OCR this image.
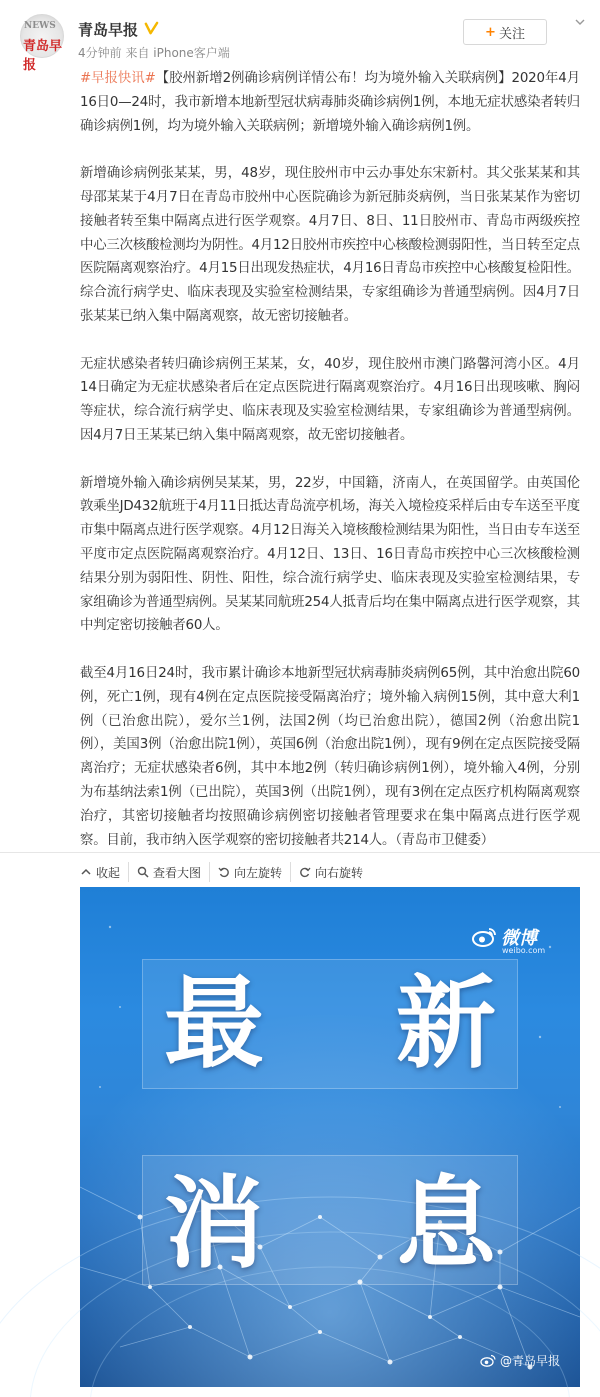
NEWS
青岛早报
青岛早报
4分钟前 来自 iPhone客户端
+ 关注

#早报快讯#【胶州新增2例确诊病例详情公布！均为境外输入关联病例】2020年4月16日0—24时，我市新增本地新型冠状病毒肺炎确诊病例1例，本地无症状感染者转归确诊病例1例，均为境外输入关联病例；新增境外输入确诊病例1例。

新增确诊病例张某某，男，48岁，现住胶州市中云办事处东宋新村。其父张某某和其母邵某某于4月7日在青岛市胶州中心医院确诊为新冠肺炎病例，当日张某某作为密切接触者转至集中隔离点进行医学观察。4月7日、8日、11日胶州市、青岛市两级疾控中心三次核酸检测均为阴性。4月12日胶州市疾控中心核酸检测弱阳性，当日转至定点医院隔离观察治疗。4月15日出现发热症状，4月16日青岛市疾控中心核酸复检阳性。综合流行病学史、临床表现及实验室检测结果，专家组确诊为普通型病例。因4月7日张某某已纳入集中隔离观察，故无密切接触者。

无症状感染者转归确诊病例王某某，女，40岁，现住胶州市澳门路馨河湾小区。4月14日确定为无症状感染者后在定点医院进行隔离观察治疗。4月16日出现咳嗽、胸闷等症状，综合流行病学史、临床表现及实验室检测结果，专家组确诊为普通型病例。因4月7日王某某已纳入集中隔离观察，故无密切接触者。

新增境外输入确诊病例吴某某，男，22岁，中国籍，济南人，在英国留学。由英国伦敦乘坐JD432航班于4月11日抵达青岛流亭机场，海关入境检疫采样后由专车送至平度市集中隔离点进行医学观察。4月12日海关入境核酸检测结果为阳性，当日由专车送至平度市定点医院隔离观察治疗。4月12日、13日、16日青岛市疾控中心三次核酸检测结果分别为弱阳性、阴性、阳性，综合流行病学史、临床表现及实验室检测结果，专家组确诊为普通型病例。吴某某同航班254人抵青后均在集中隔离点进行医学观察，其中判定密切接触者60人。

截至4月16日24时，我市累计确诊本地新型冠状病毒肺炎病例65例，其中治愈出院60例，死亡1例，现有4例在定点医院接受隔离治疗；境外输入病例15例，其中意大利1例（已治愈出院），爱尔兰1例，法国2例（均已治愈出院），德国2例（治愈出院1例），美国3例（治愈出院1例），英国6例（治愈出院1例），现有9例在定点医院接受隔离治疗；无症状感染者6例，其中本地2例（转归确诊病例1例），境外输入4例，分别为布基纳法索1例（已出院），英国3例（出院1例），现有3例在定点医疗机构隔离观察治疗，其密切接触者均按照确诊病例密切接触者管理要求在集中隔离点进行医学观察。目前，我市纳入医学观察的密切接触者共214人。（青岛市卫健委）

收起	查看大图	向左旋转	向右旋转
最 新
消 息
微博
weibo.com
@青岛早报
